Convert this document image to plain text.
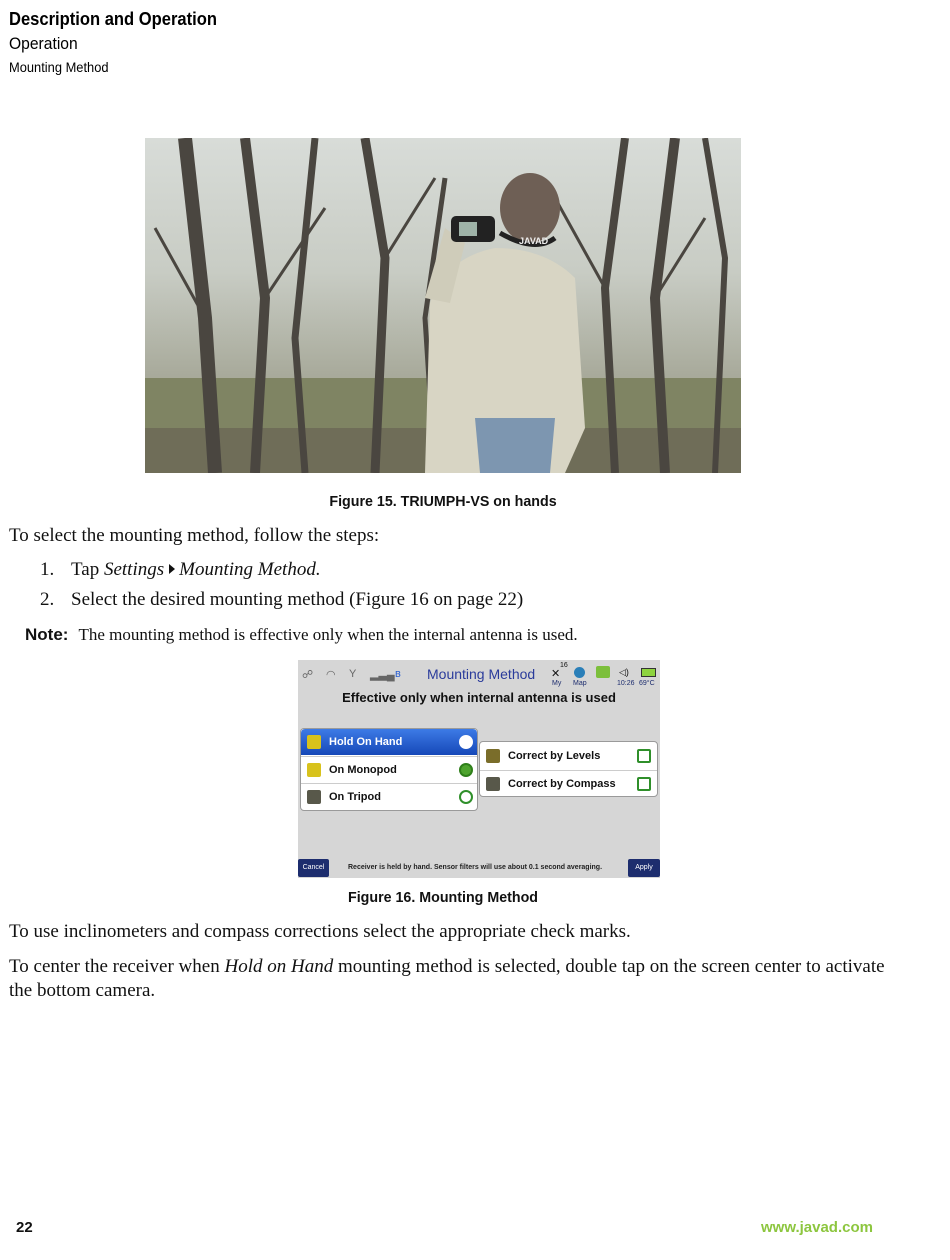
Description and Operation
Operation
Mounting Method
JAVAD
Figure 15. TRIUMPH-VS on hands
To select the mounting method, follow the steps:
1. Tap Settings Mounting Method.
2. Select the desired mounting method (Figure 16 on page 22)
Note: The mounting method is effective only when the internal antenna is used.
☍ ◠ Y ▂▃▄ ʙ Mounting Method
16
✕
My Map
◁)
10:26 69°C
Effective only when internal antenna is used
Hold On Hand
On Monopod
On Tripod
Correct by Levels
Correct by Compass
Cancel	Receiver is held by hand. Sensor filters will use about 0.1 second averaging.	Apply
Figure 16. Mounting Method
To use inclinometers and compass corrections select the appropriate check marks.
To center the receiver when Hold on Hand mounting method is selected, double tap on the screen center to activate the bottom camera.
22	www.javad.com
